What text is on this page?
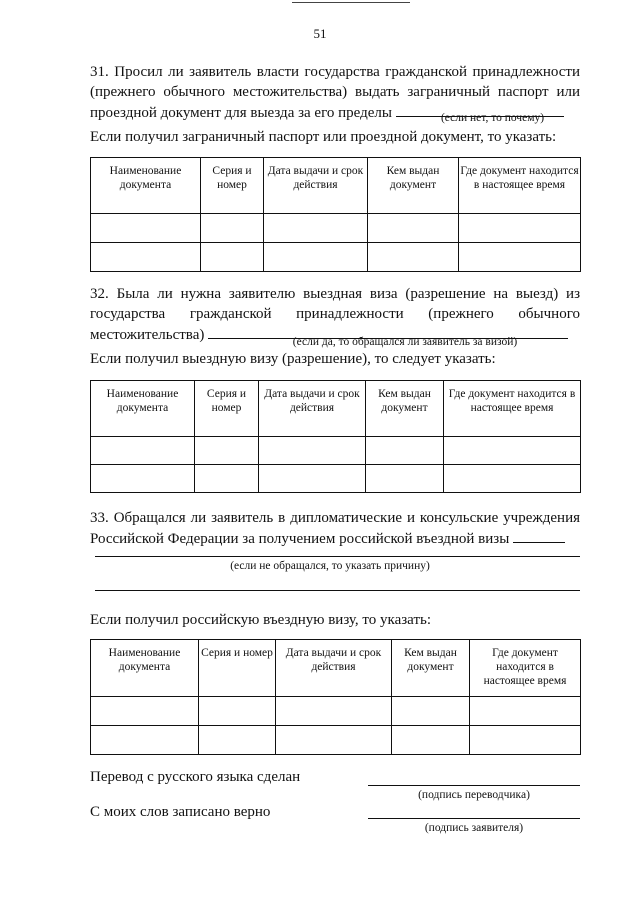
51
31. Просил ли заявитель власти государства гражданской принадлежности (прежнего обычного местожительства) выдать заграничный паспорт или проездной документ для выезда за его пределы	(если нет, то почему)
Если получил заграничный паспорт или проездной документ, то указать:
Наименование документа	Серия и номер	Дата выдачи и срок действия	Кем выдан документ	Где документ находится в настоящее время

32. Была ли нужна заявителю выездная виза (разрешение на выезд) из государства гражданской принадлежности (прежнего обычного местожительства)	(если да, то обращался ли заявитель за визой)
Если получил выездную визу (разрешение), то следует указать:
Наименование документа	Серия и номер	Дата выдачи и срок действия	Кем выдан документ	Где документ находится в настоящее время

33. Обращался ли заявитель в дипломатические и консульские учреждения Российской Федерации за получением российской въездной визы
(если не обращался, то указать причину)
Если получил российскую въездную визу, то указать:
Наименование документа	Серия и номер	Дата выдачи и срок действия	Кем выдан документ	Где документ находится в настоящее время

Перевод с русского языка сделан
(подпись переводчика)
С моих слов записано верно
(подпись заявителя)
